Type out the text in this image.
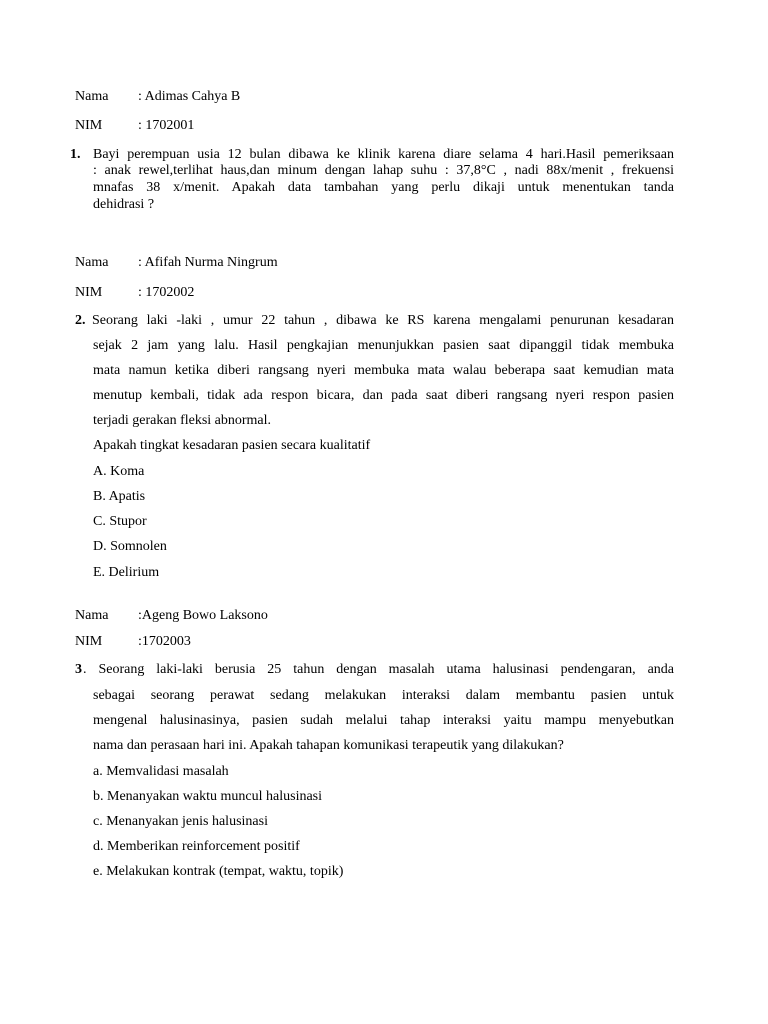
Nama : Adimas Cahya B
NIM	: 1702001
1. Bayi perempuan usia 12 bulan dibawa ke klinik karena diare selama 4 hari.Hasil pemeriksaan
: anak rewel,terlihat haus,dan minum dengan lahap suhu : 37,8°C , nadi 88x/menit , frekuensi
mnafas 38 x/menit. Apakah data tambahan yang perlu dikaji untuk menentukan tanda
dehidrasi ?
Nama : Afifah Nurma Ningrum
NIM	: 1702002
2. Seorang laki -laki , umur 22 tahun , dibawa ke RS karena mengalami penurunan kesadaran
sejak 2 jam yang lalu. Hasil pengkajian menunjukkan pasien saat dipanggil tidak membuka
mata namun ketika diberi rangsang nyeri membuka mata walau beberapa saat kemudian mata
menutup kembali, tidak ada respon bicara, dan pada saat diberi rangsang nyeri respon pasien
terjadi gerakan fleksi abnormal.
Apakah tingkat kesadaran pasien secara kualitatif
A. Koma
B. Apatis
C. Stupor
D. Somnolen
E. Delirium
Nama :Ageng Bowo Laksono
NIM	:1702003
3 . Seorang laki-laki berusia 25 tahun dengan masalah utama halusinasi pendengaran, anda
sebagai seorang perawat sedang melakukan interaksi dalam membantu pasien untuk
mengenal halusinasinya, pasien sudah melalui tahap interaksi yaitu mampu menyebutkan
nama dan perasaan hari ini. Apakah tahapan komunikasi terapeutik yang dilakukan?
a. Memvalidasi masalah
b. Menanyakan waktu muncul halusinasi
c. Menanyakan jenis halusinasi
d. Memberikan reinforcement positif
e. Melakukan kontrak (tempat, waktu, topik)
